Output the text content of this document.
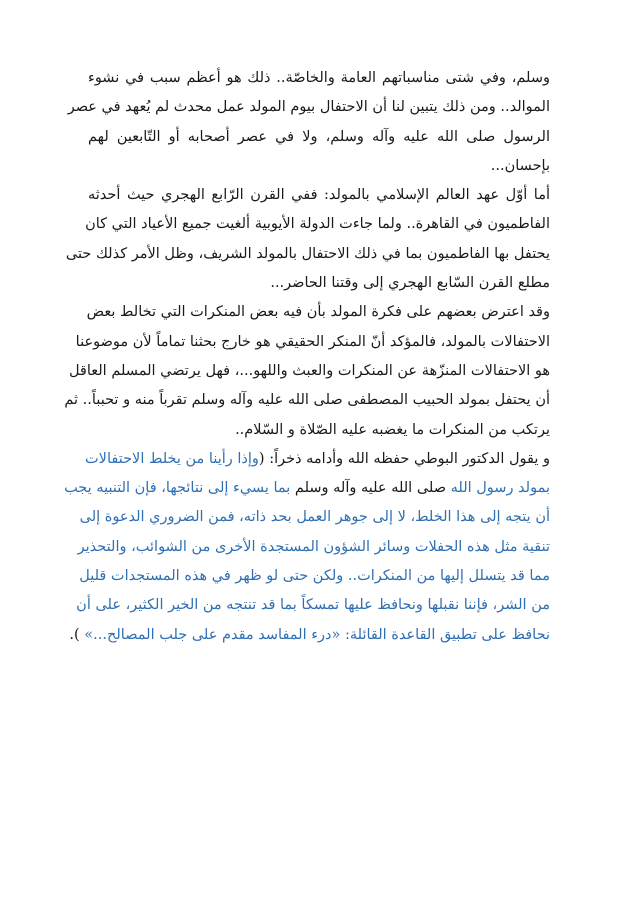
وسلم، وفي شتى مناسباتهم العامة والخاصّة.. ذلك هو أعظم سبب في نشوء
الموالد.. ومن ذلك يتبين لنا أن الاحتفال بيوم المولد عمل محدث لم يُعهد في عصر
الرسول صلى الله عليه وآله وسلم، ولا في عصر أصحابه أو التّابعين لهم
بإحسان...
أما أوّل عهد العالم الإسلامي بالمولد: ففي القرن الرّابع الهجري حيث أحدثه
الفاطميون في القاهرة.. ولما جاءت الدولة الأيوبية ألغيت جميع الأعياد التي كان
يحتفل بها الفاطميون بما في ذلك الاحتفال بالمولد الشريف، وظل الأمر كذلك حتى
مطلع القرن السّابع الهجري إلى وقتنا الحاضر...
وقد اعترض بعضهم على فكرة المولد بأن فيه بعض المنكرات التي تخالط بعض
الاحتفالات بالمولد، فالمؤكد أنّ المنكر الحقيقي هو خارج بحثنا تماماً لأن موضوعنا
هو الاحتفالات المنزّهة عن المنكرات والعبث واللهو...، فهل يرتضي المسلم العاقل
أن يحتفل بمولد الحبيب المصطفى صلى الله عليه وآله وسلم تقرباً منه و تحبباً.. ثم
يرتكب من المنكرات ما يغضبه عليه الصّلاة و السّلام..
و يقول الدكتور البوطي حفظه الله وأدامه ذخراً: (وإذا رأينا من يخلط الاحتفالات
بمولد رسول الله صلى الله عليه وآله وسلم بما يسيء إلى نتائجها، فإن التنبيه يجب
أن يتجه إلى هذا الخلط، لا إلى جوهر العمل بحد ذاته، فمن الضروري الدعوة إلى
تنقية مثل هذه الحفلات وسائر الشؤون المستجدة الأخرى من الشوائب، والتحذير
مما قد يتسلل إليها من المنكرات.. ولكن حتى لو ظهر في هذه المستجدات قليل
من الشر، فإننا نقبلها ونحافظ عليها تمسكاً بما قد تنتجه من الخير الكثير، على أن
نحافظ على تطبيق القاعدة القائلة: «درء المفاسد مقدم على جلب المصالح...» ).
